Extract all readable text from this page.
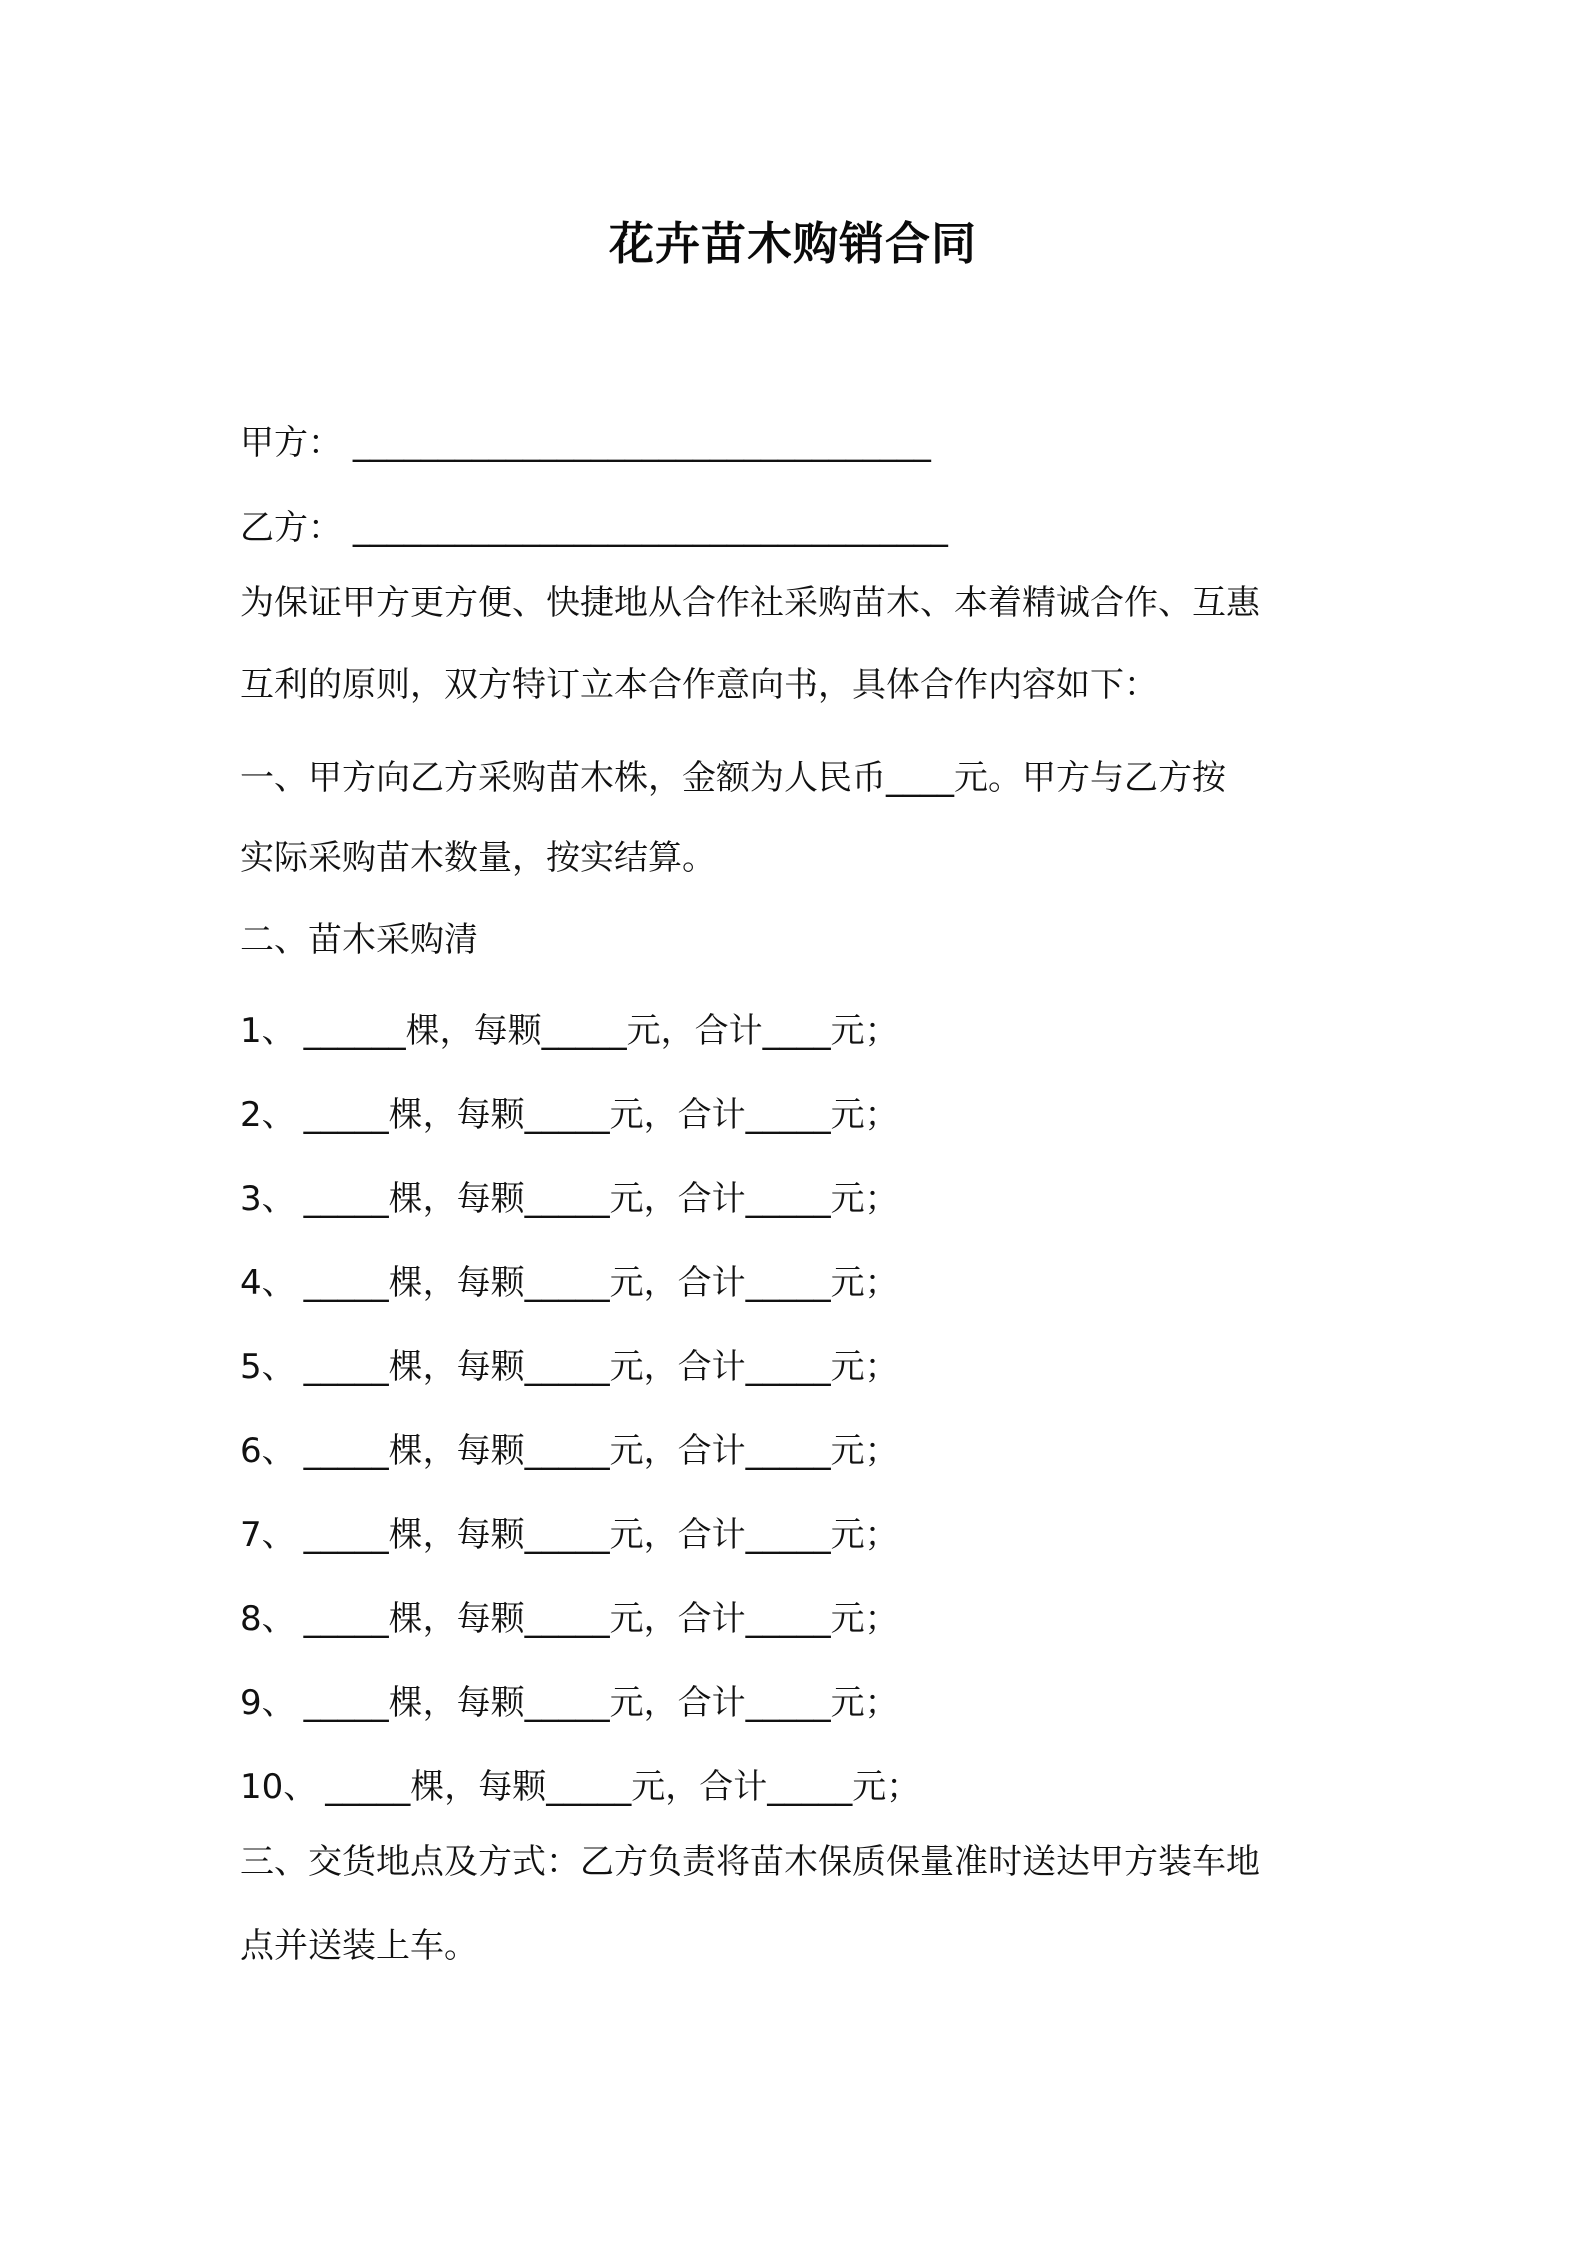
花卉苗木购销合同
甲方： __________________________________
乙方： ___________________________________
为保证甲方更方便、快捷地从合作社采购苗木、本着精诚合作、互惠
互利的原则，双方特订立本合作意向书，具体合作内容如下：
一、甲方向乙方采购苗木株，金额为人民币____元。甲方与乙方按
实际采购苗木数量，按实结算。
二、苗木采购清
1、 ______棵，每颗_____元，合计____元；
2、 _____棵，每颗_____元，合计_____元；
3、 _____棵，每颗_____元，合计_____元；
4、 _____棵，每颗_____元，合计_____元；
5、 _____棵，每颗_____元，合计_____元；
6、 _____棵，每颗_____元，合计_____元；
7、 _____棵，每颗_____元，合计_____元；
8、 _____棵，每颗_____元，合计_____元；
9、 _____棵，每颗_____元，合计_____元；
10、 _____棵，每颗_____元，合计_____元；
三、交货地点及方式：乙方负责将苗木保质保量准时送达甲方装车地
点并送装上车。
